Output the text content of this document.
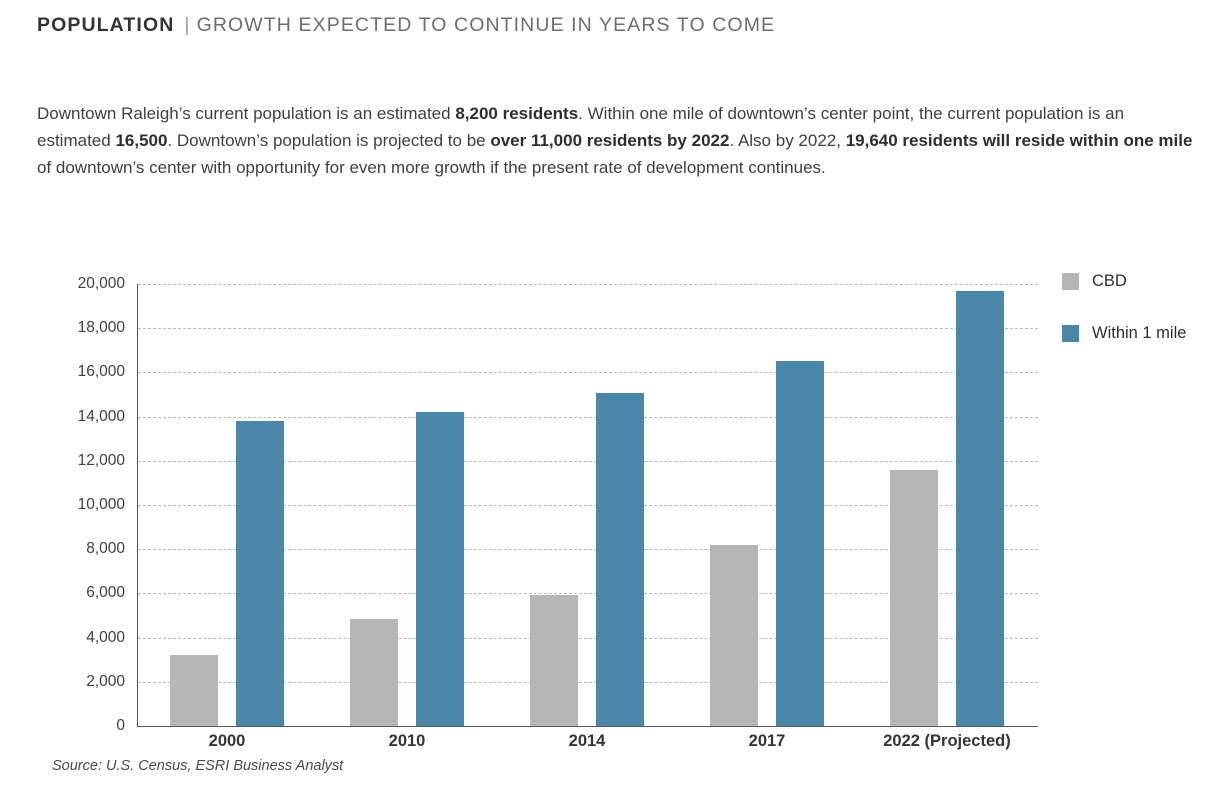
POPULATION | GROWTH EXPECTED TO CONTINUE IN YEARS TO COME
Downtown Raleigh’s current population is an estimated 8,200 residents. Within one mile of downtown’s center point, the current population is an estimated 16,500. Downtown’s population is projected to be over 11,000 residents by 2022. Also by 2022, 19,640 residents will reside within one mile of downtown’s center with opportunity for even more growth if the present rate of development continues.
0
2,000
4,000
6,000
8,000
10,000
12,000
14,000
16,000
18,000
20,000
2000	2010	2014	2017	2022 (Projected)
Source: U.S. Census, ESRI Business Analyst
CBD
Within 1 mile
